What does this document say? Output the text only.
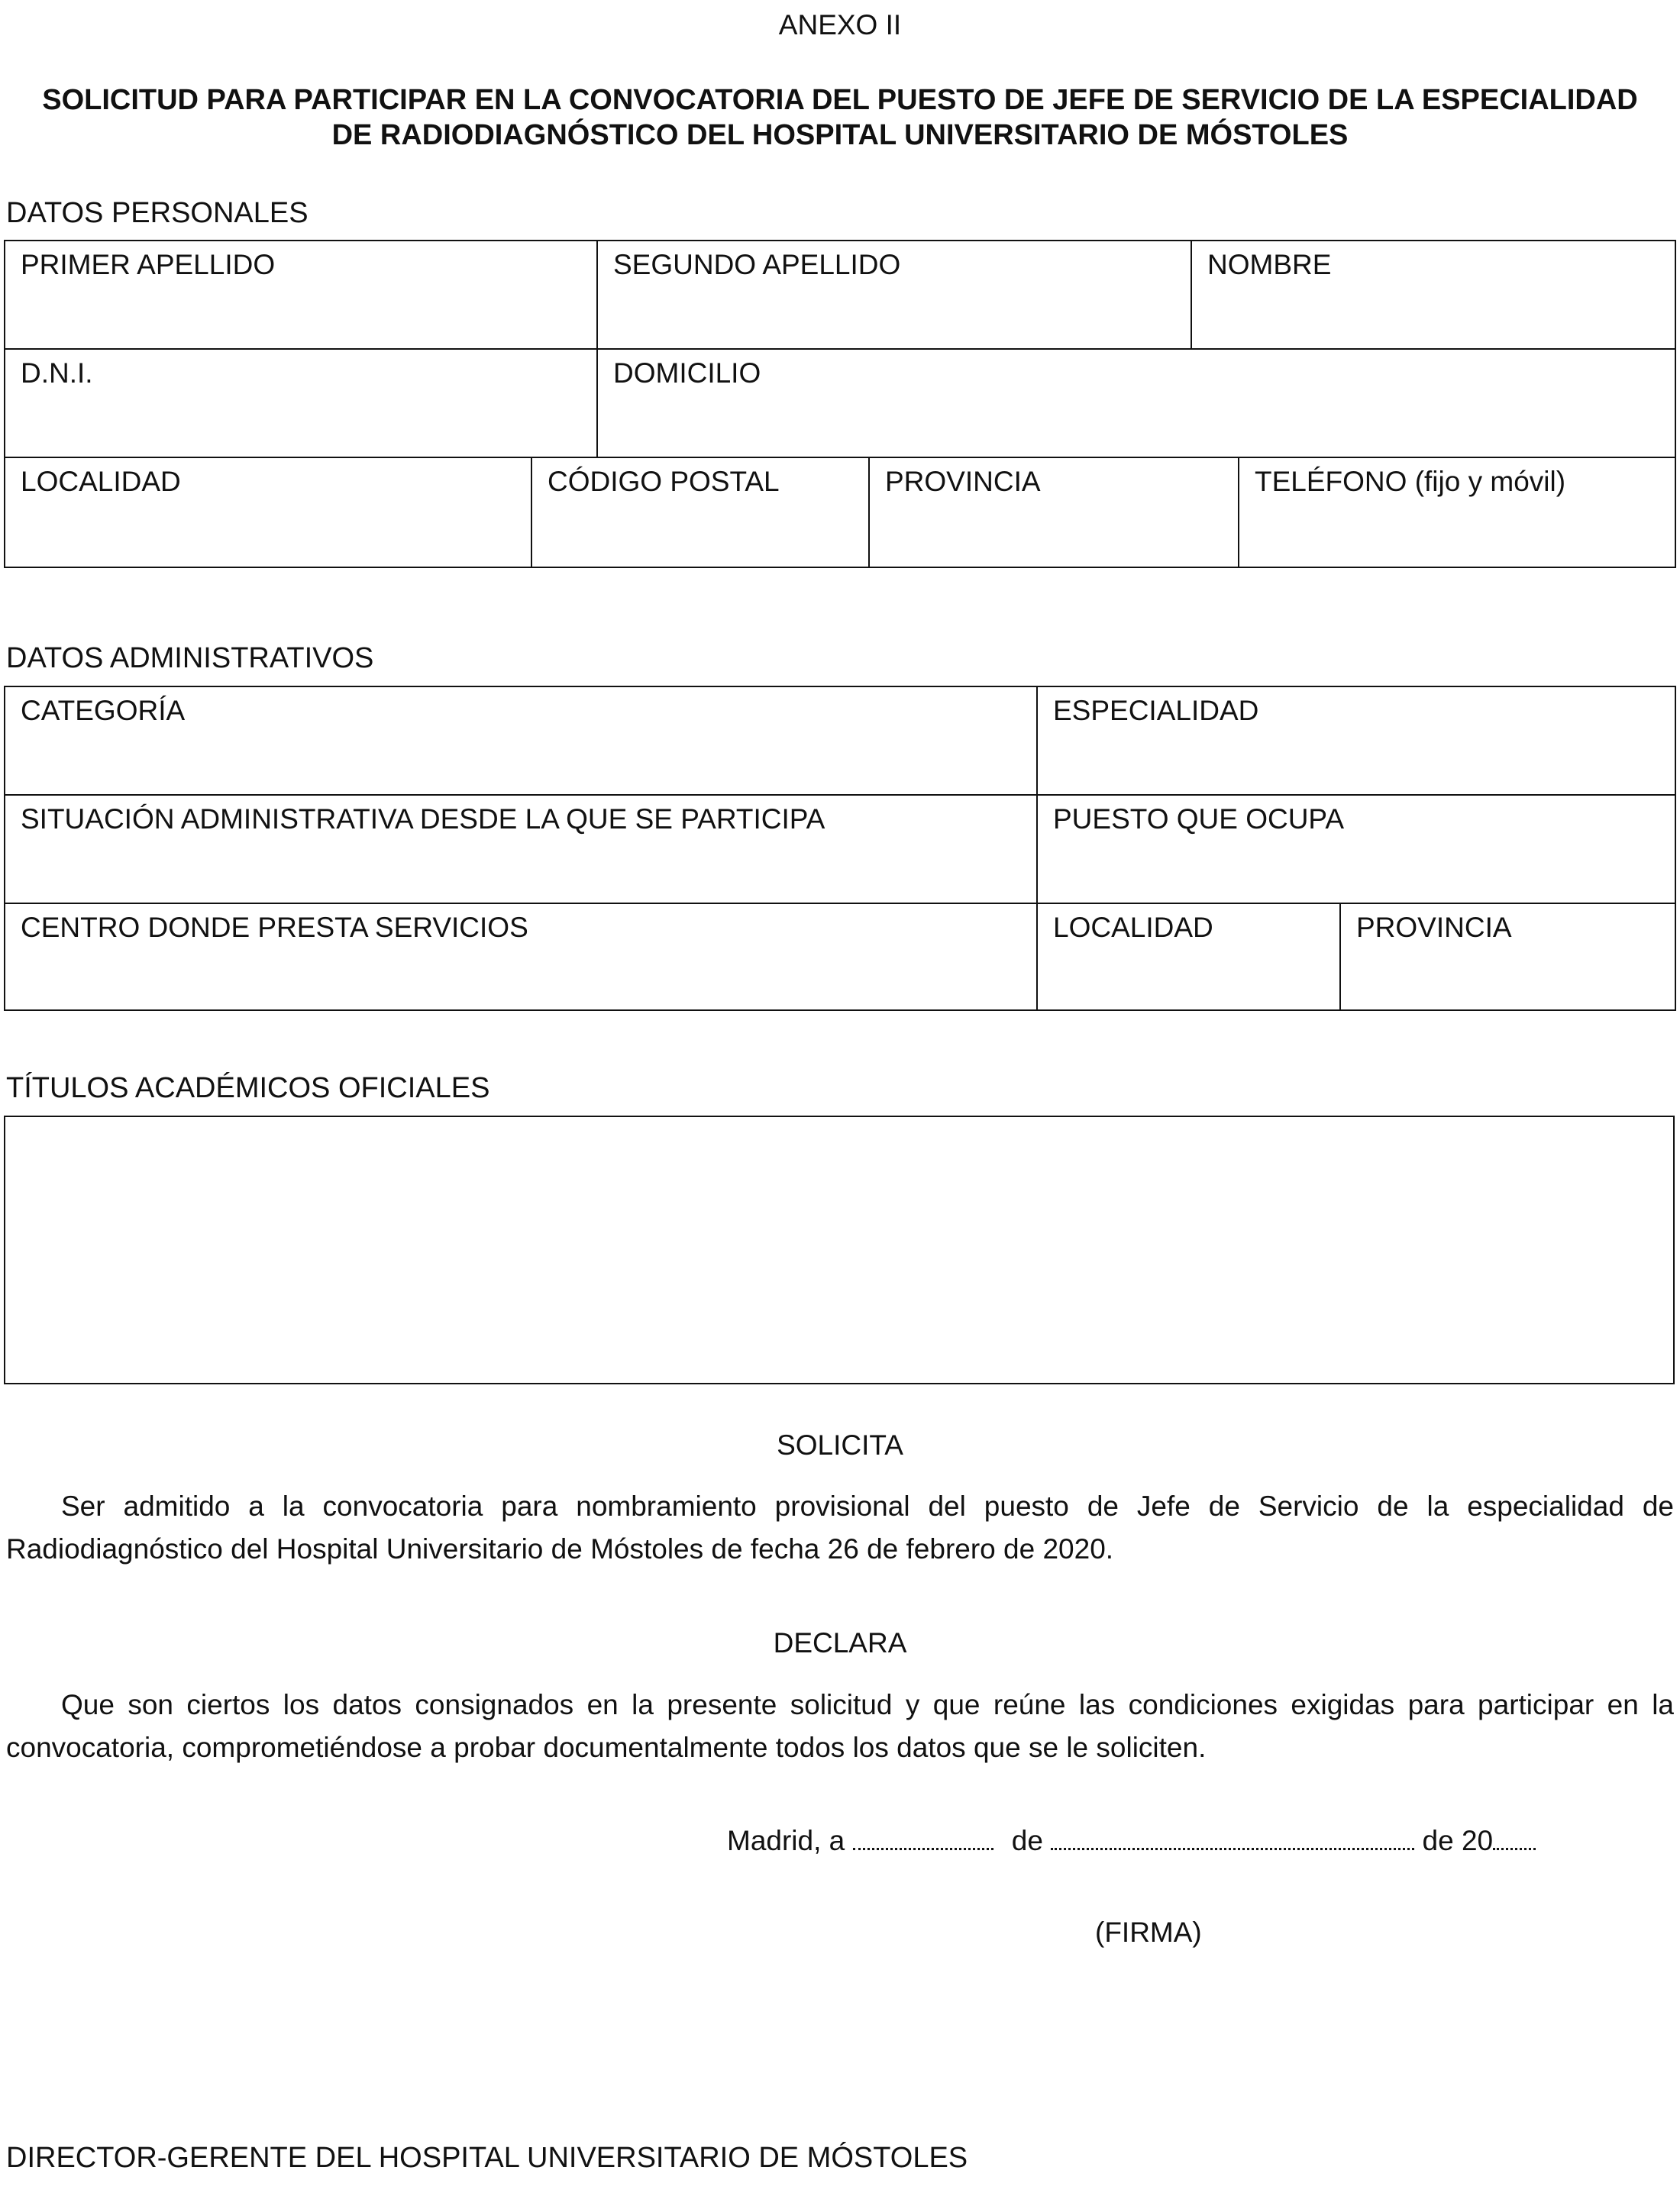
ANEXO II
SOLICITUD PARA PARTICIPAR EN LA CONVOCATORIA DEL PUESTO DE JEFE DE SERVICIO DE LA ESPECIALIDAD
DE RADIODIAGNÓSTICO DEL HOSPITAL UNIVERSITARIO DE MÓSTOLES
DATOS PERSONALES
PRIMER APELLIDO	SEGUNDO APELLIDO	NOMBRE
D.N.I.	DOMICILIO	
LOCALIDAD	CÓDIGO POSTAL	PROVINCIA	TELÉFONO (fijo y móvil)
DATOS ADMINISTRATIVOS
CATEGORÍA	ESPECIALIDAD	
SITUACIÓN ADMINISTRATIVA DESDE LA QUE SE PARTICIPA	PUESTO QUE OCUPA	
CENTRO DONDE PRESTA SERVICIOS	LOCALIDAD	PROVINCIA
TÍTULOS ACADÉMICOS OFICIALES
SOLICITA
Ser admitido a la convocatoria para nombramiento provisional del puesto de Jefe de Servicio de la especialidad de Radiodiagnóstico del Hospital Universitario de Móstoles de fecha 26 de febrero de 2020.
DECLARA
Que son ciertos los datos consignados en la presente solicitud y que reúne las condiciones exigidas para participar en la convocatoria, comprometiéndose a probar documentalmente todos los datos que se le soliciten.
Madrid, a	de	de 20
(FIRMA)
DIRECTOR-GERENTE DEL HOSPITAL UNIVERSITARIO DE MÓSTOLES
